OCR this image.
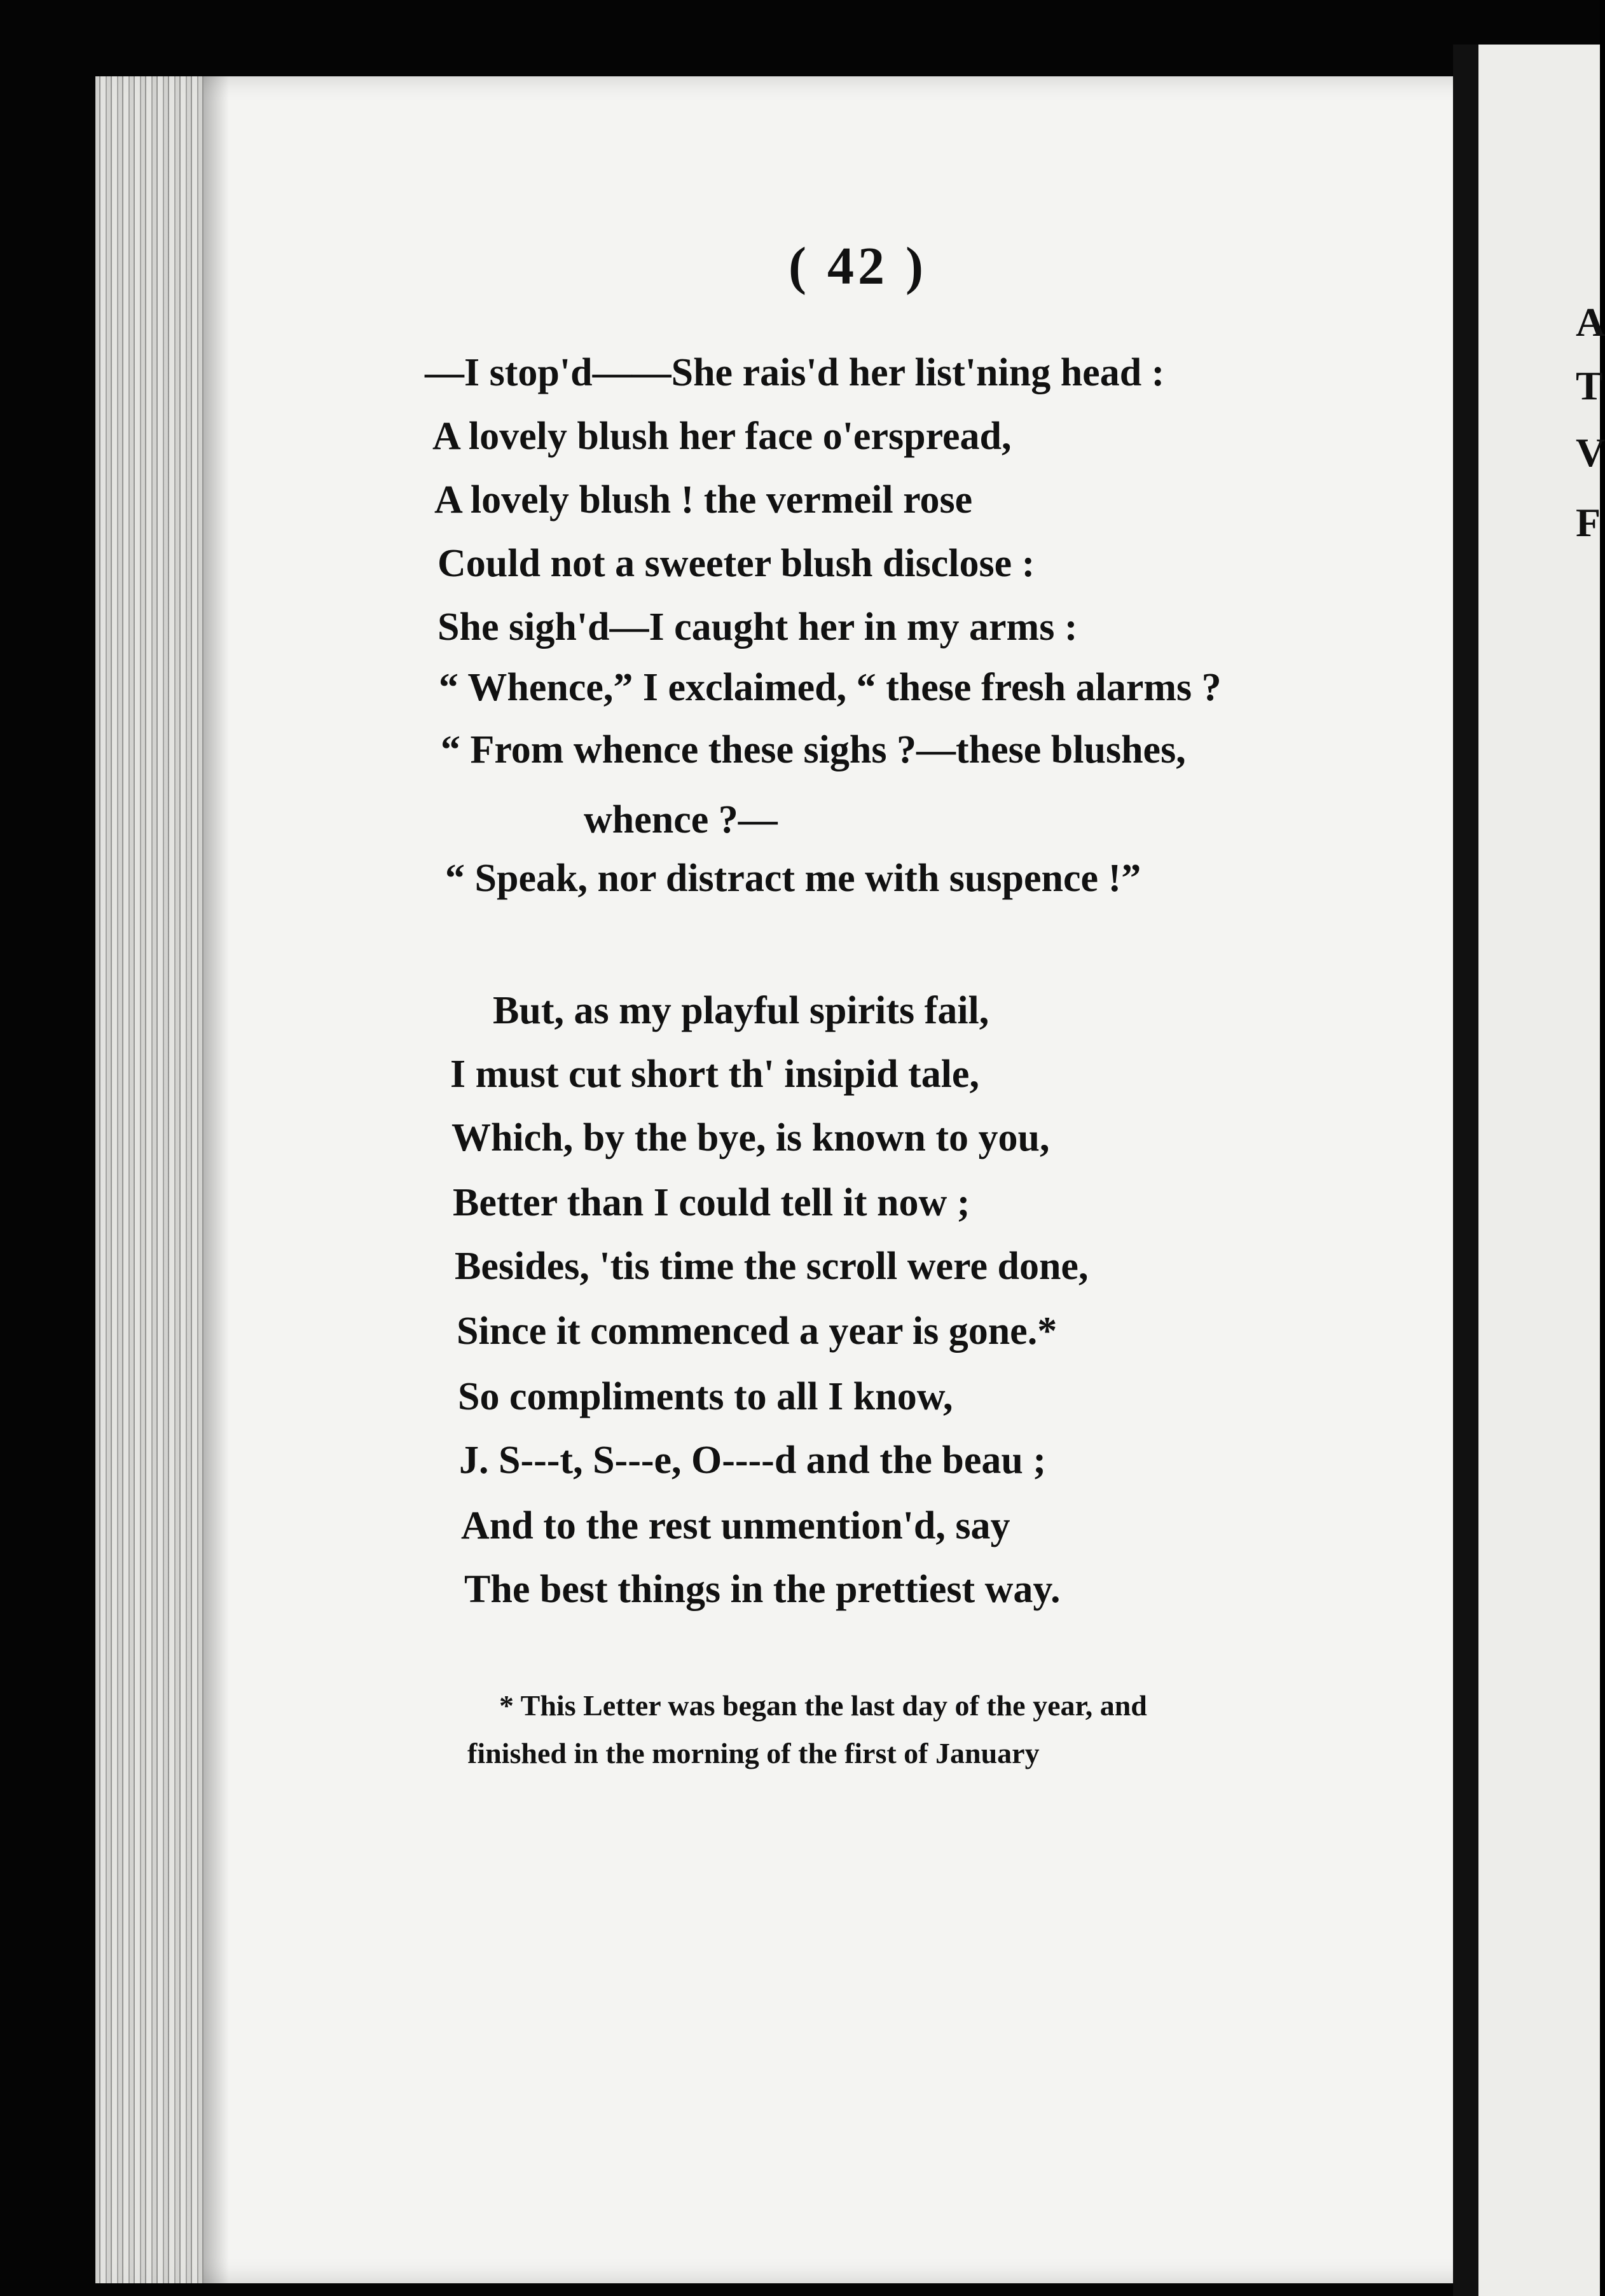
A
T
V
F
( 42 )
—I stop'd——She rais'd her list'ning head :
A lovely blush her face o'erspread,
A lovely blush ! the vermeil rose
Could not a sweeter blush disclose :
She sigh'd—I caught her in my arms :
“ Whence,” I exclaimed, “ these fresh alarms ?
“ From whence these sighs ?—these blushes,
whence ?—
“ Speak, nor distract me with suspence !”
But, as my playful spirits fail,
I must cut short th' insipid tale,
Which, by the bye, is known to you,
Better than I could tell it now ;
Besides, 'tis time the scroll were done,
Since it commenced a year is gone.*
So compliments to all I know,
J. S---t, S---e, O----d and the beau ;
And to the rest unmention'd, say
The best things in the prettiest way.
* This Letter was began the last day of the year, and
finished in the morning of the first of January
